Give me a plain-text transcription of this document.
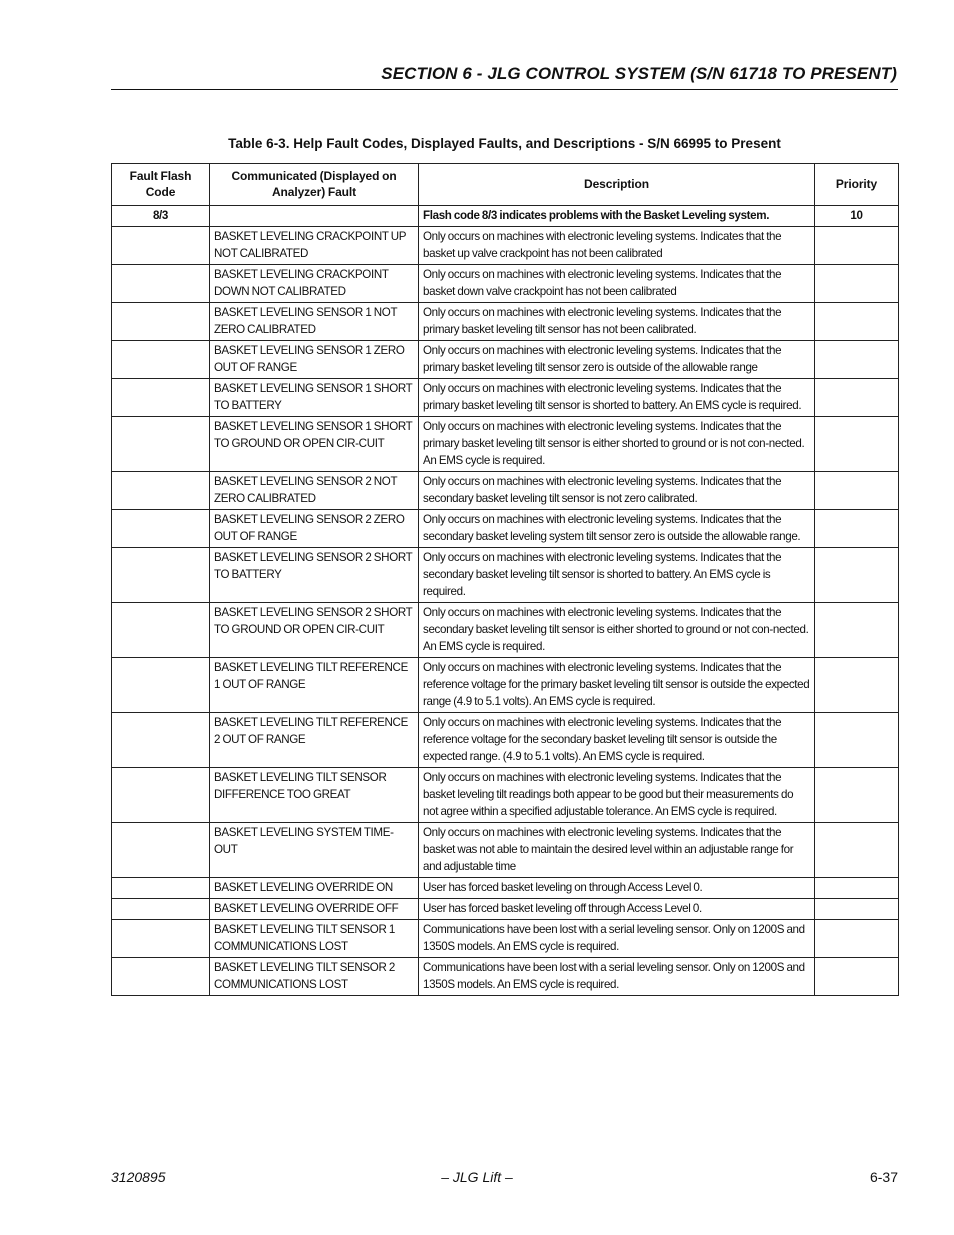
SECTION 6 - JLG CONTROL SYSTEM (S/N 61718 TO PRESENT)
Table 6-3. Help Fault Codes, Displayed Faults, and Descriptions - S/N 66995 to Present
Fault Flash Code	Communicated (Displayed on Analyzer) Fault	Description	Priority
8/3		Flash code 8/3 indicates problems with the Basket Leveling system.	10
	BASKET LEVELING CRACKPOINT UP NOT CALIBRATED	Only occurs on machines with electronic leveling systems. Indicates that the basket up valve crackpoint has not been calibrated	
	BASKET LEVELING CRACKPOINT DOWN NOT CALIBRATED	Only occurs on machines with electronic leveling systems. Indicates that the basket down valve crackpoint has not been calibrated	
	BASKET LEVELING SENSOR 1 NOT ZERO CALIBRATED	Only occurs on machines with electronic leveling systems. Indicates that the primary basket leveling tilt sensor has not been calibrated.	
	BASKET LEVELING SENSOR 1 ZERO OUT OF RANGE	Only occurs on machines with electronic leveling systems. Indicates that the primary basket leveling tilt sensor zero is outside of the allowable range	
	BASKET LEVELING SENSOR 1 SHORT TO BATTERY	Only occurs on machines with electronic leveling systems. Indicates that the primary basket leveling tilt sensor is shorted to battery. An EMS cycle is required.	
	BASKET LEVELING SENSOR 1 SHORT TO GROUND OR OPEN CIR-CUIT	Only occurs on machines with electronic leveling systems. Indicates that the primary basket leveling tilt sensor is either shorted to ground or is not con-nected. An EMS cycle is required.	
	BASKET LEVELING SENSOR 2 NOT ZERO CALIBRATED	Only occurs on machines with electronic leveling systems. Indicates that the secondary basket leveling tilt sensor is not zero calibrated.	
	BASKET LEVELING SENSOR 2 ZERO OUT OF RANGE	Only occurs on machines with electronic leveling systems. Indicates that the secondary basket leveling system tilt sensor zero is outside the allowable range.	
	BASKET LEVELING SENSOR 2 SHORT TO BATTERY	Only occurs on machines with electronic leveling systems. Indicates that the secondary basket leveling tilt sensor is shorted to battery. An EMS cycle is required.	
	BASKET LEVELING SENSOR 2 SHORT TO GROUND OR OPEN CIR-CUIT	Only occurs on machines with electronic leveling systems. Indicates that the secondary basket leveling tilt sensor is either shorted to ground or not con-nected. An EMS cycle is required.	
	BASKET LEVELING TILT REFERENCE 1 OUT OF RANGE	Only occurs on machines with electronic leveling systems. Indicates that the reference voltage for the primary basket leveling tilt sensor is outside the expected range (4.9 to 5.1 volts). An EMS cycle is required.	
	BASKET LEVELING TILT REFERENCE 2 OUT OF RANGE	Only occurs on machines with electronic leveling systems. Indicates that the reference voltage for the secondary basket leveling tilt sensor is outside the expected range. (4.9 to 5.1 volts). An EMS cycle is required.	
	BASKET LEVELING TILT SENSOR DIFFERENCE TOO GREAT	Only occurs on machines with electronic leveling systems. Indicates that the basket leveling tilt readings both appear to be good but their measurements do not agree within a specified adjustable tolerance. An EMS cycle is required.	
	BASKET LEVELING SYSTEM TIME-OUT	Only occurs on machines with electronic leveling systems. Indicates that the basket was not able to maintain the desired level within an adjustable range for and adjustable time	
	BASKET LEVELING OVERRIDE ON	User has forced basket leveling on through Access Level 0.	
	BASKET LEVELING OVERRIDE OFF	User has forced basket leveling off through Access Level 0.	
	BASKET LEVELING TILT SENSOR 1 COMMUNICATIONS LOST	Communications have been lost with a serial leveling sensor. Only on 1200S and 1350S models. An EMS cycle is required.	
	BASKET LEVELING TILT SENSOR 2 COMMUNICATIONS LOST	Communications have been lost with a serial leveling sensor. Only on 1200S and 1350S models. An EMS cycle is required.	
3120895	– JLG Lift –	6-37
